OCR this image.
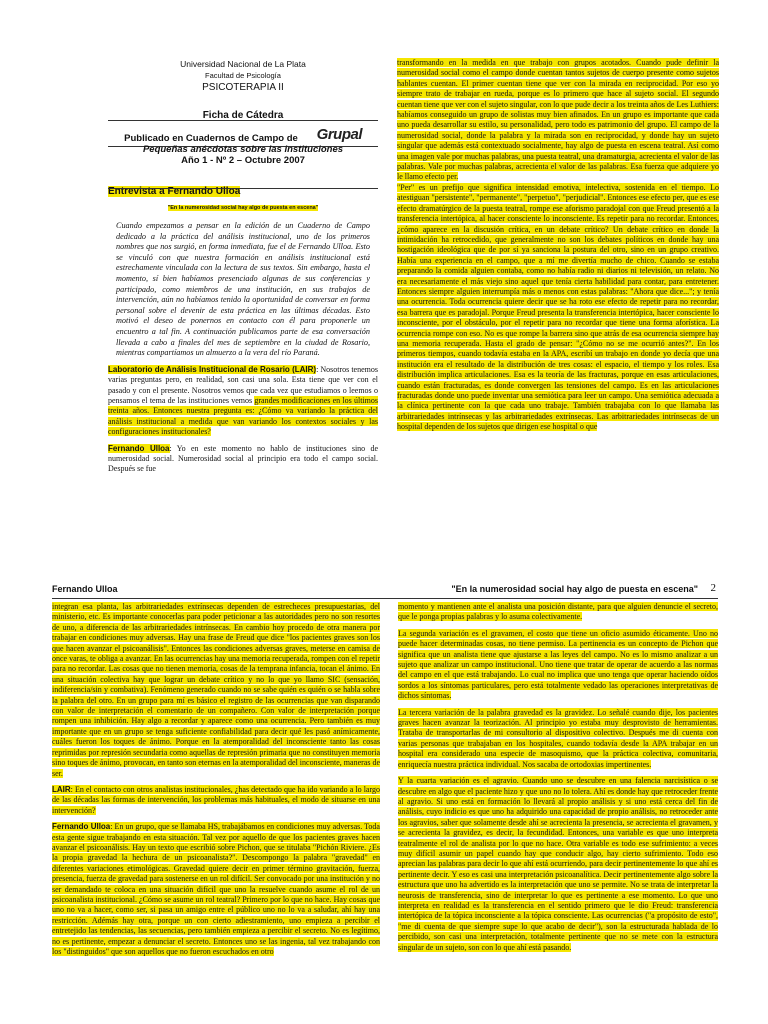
Universidad Nacional de La Plata
Facultad de Psicología
PSICOTERAPIA II
Ficha de Cátedra
Publicado en Cuadernos de Campo de
Pequeñas anécdotas sobre las instituciones
Año 1 - Nº 2 – Octubre 2007
Grupal
Entrevista a Fernando Ulloa
"En la numerosidad social hay algo de puesta en escena"
Cuando empezamos a pensar en la edición de un Cuaderno de Campo dedicado a la práctica del análisis institucional, uno de los primeros nombres que nos surgió, en forma inmediata, fue el de Fernando Ulloa. Esto se vinculó con que nuestra formación en análisis institucional está estrechamente vinculada con la lectura de sus textos. Sin embargo, hasta el momento, sí bien habíamos presenciado algunas de sus conferencias y participado, como miembros de una institución, en sus trabajos de intervención, aún no habíamos tenido la oportunidad de conversar en forma personal sobre el devenir de esta práctica en las últimas décadas. Esto motivó el deseo de ponernos en contacto con él para proponerle un encuentro a tal fin. A continuación publicamos parte de esa conversación llevada a cabo a finales del mes de septiembre en la ciudad de Rosario, mientras compartíamos un almuerzo a la vera del río Paraná.
Laboratorio de Análisis Institucional de Rosario (LAIR): Nosotros tenemos varias preguntas pero, en realidad, son casi una sola. Esta tiene que ver con el pasado y con el presente. Nosotros vemos que cada vez que estudiamos o leemos o pensamos el tema de las instituciones vemos grandes modificaciones en los últimos treinta años. Entonces nuestra pregunta es: ¿Cómo va variando la práctica del análisis institucional a medida que van variando los contextos sociales y las configuraciones institucionales?
Fernando Ulloa: Yo en este momento no hablo de instituciones sino de numerosidad social. Numerosidad social al principio era todo el campo social. Después se fue
transformando en la medida en que trabajo con grupos acotados. Cuando pude definir la numerosidad social como el campo donde cuentan tantos sujetos de cuerpo presente como sujetos hablantes cuentan. El primer cuentan tiene que ver con la mirada en reciprocidad. Por eso yo siempre trato de trabajar en rueda, porque es lo primero que hace al sujeto social. El segundo cuentan tiene que ver con el sujeto singular, con lo que pude decir a los treinta años de Les Luthiers: habíamos conseguido un grupo de solistas muy bien afinados. En un grupo es importante que cada uno pueda desarrollar su estilo, su personalidad, pero todo es patrimonio del grupo. El campo de la numerosidad social, donde la palabra y la mirada son en reciprocidad, y donde hay un sujeto singular que además está contextuado socialmente, hay algo de puesta en escena teatral. Así como una imagen vale por muchas palabras, una puesta teatral, una dramaturgia, acrecienta el valor de las palabras. Vale por muchas palabras, acrecienta el valor de las palabras. Esa fuerza que adquiere yo le llamo efecto per.
"Per" es un prefijo que significa intensidad emotiva, intelectiva, sostenida en el tiempo. Lo atestiguan "persistente", "permanente", "perpetuo", "perjudicial". Entonces ese efecto per, que es ese efecto dramatúrgico de la puesta teatral, rompe ese aforismo paradojal con que Freud presentó a la transferencia intertópica, al hacer consciente lo inconsciente. Es repetir para no recordar. Entonces, ¿cómo aparece en la discusión crítica, en un debate crítico? Un debate crítico en donde la intimidación ha retrocedido, que generalmente no son los debates políticos en donde hay una hostigación ideológica que de por sí ya sanciona la postura del otro, sino en un grupo creativo. Había una experiencia en el campo, que a mí me divertía mucho de chico. Cuando se estaba preparando la comida alguien contaba, como no había radio ni diarios ni televisión, un relato. No era necesariamente el más viejo sino aquel que tenía cierta habilidad para contar, para entretener. Entonces siempre alguien interrumpía más o menos con estas palabras: "Ahora que dice..."; y tenía una ocurrencia. Toda ocurrencia quiere decir que se ha roto ese efecto de repetir para no recordar, esa barrera que es paradojal. Porque Freud presenta la transferencia intertópica, hacer consciente lo inconsciente, por el obstáculo, por el repetir para no recordar que tiene una forma aforística. La ocurrencia rompe con eso. No es que rompe la barrera sino que atrás de esa ocurrencia siempre hay una memoria recuperada. Hasta el grado de pensar: "¿Cómo no se me ocurrió antes?". En los primeros tiempos, cuando todavía estaba en la APA, escribí un trabajo en donde yo decía que una institución era el resultado de la distribución de tres cosas: el espacio, el tiempo y los roles. Esa distribución implica articulaciones. Esa es la teoría de las fracturas, porque en esas articulaciones, cuando están fracturadas, es donde convergen las tensiones del campo. Es en las articulaciones fracturadas donde uno puede inventar una semiótica para leer un campo. Una semiótica adecuada a la clínica pertinente con la que cada uno trabaje. También trabajaba con lo que llamaba las arbitrariedades intrínsecas y las arbitrariedades extrínsecas. Las arbitrariedades intrínsecas de un hospital dependen de los sujetos que dirigen ese hospital o que
Fernando Ulloa	"En la numerosidad social hay algo de puesta en escena" 2
integran esa planta, las arbitrariedades extrínsecas dependen de estrecheces presupuestarias, del ministerio, etc. Es importante conocerlas para poder peticionar a las autoridades pero no son resortes de uno, a diferencia de las arbitrariedades intrínsecas. En cambio hoy procedo de otra manera por trabajar en condiciones muy adversas. Hay una frase de Freud que dice "los pacientes graves son los que hacen avanzar el psicoanálisis". Entonces las condiciones adversas graves, meterse en camisa de once varas, te obliga a avanzar. En las ocurrencias hay una memoria recuperada, rompen con el repetir para no recordar. Las cosas que no tienen memoria, cosas de la temprana infancia, tocan el ánimo. En una situación colectiva hay que lograr un debate crítico y no lo que yo llamo SIC (sensación, indiferencia/sin y combativa). Fenómeno generado cuando no se sabe quién es quién o se habla sobre la palabra del otro. En un grupo para mí es básico el registro de las ocurrencias que van disparando con valor de interpretación el comentario de un compañero. Con valor de interpretación porque rompen una inhibición. Hay algo a recordar y aparece como una ocurrencia. Pero también es muy importante que en un grupo se tenga suficiente confiabilidad para decir qué les pasó anímicamente, cuáles fueron los toques de ánimo. Porque en la atemporalidad del inconsciente tanto las cosas reprimidas por represión secundaria como aquellas de represión primaria que no constituyen memoria sino toques de ánimo, provocan, en tanto son eternas en la atemporalidad del inconsciente, maneras de ser.
LAIR: En el contacto con otros analistas institucionales, ¿has detectado que ha ido variando a lo largo de las décadas las formas de intervención, los problemas más habituales, el modo de situarse en una intervención?
Fernando Ulloa: En un grupo, que se llamaba HS, trabajábamos en condiciones muy adversas. Toda esta gente sigue trabajando en esta situación. Tal vez por aquello de que los pacientes graves hacen avanzar el psicoanálisis. Hay un texto que escribió sobre Pichon, que se titulaba "Pichón Riviere. ¿Es la propia gravedad la hechura de un psicoanalista?". Descompongo la palabra "gravedad" en diferentes variaciones etimológicas. Gravedad quiere decir en primer término gravitación, fuerza, presencia, fuerza de gravedad para sostenerse en un rol difícil. Ser convocado por una institución y no ser demandado te coloca en una situación difícil que uno la resuelve cuando asume el rol de un psicoanalista institucional. ¿Cómo se asume un rol teatral? Primero por lo que no hace. Hay cosas que uno no va a hacer, como ser, si pasa un amigo entre el público uno no lo va a saludar, ahí hay una restricción. Adémás hay otra, porque un con cierto adiestramiento, uno empieza a percibir el entretejido las tendencias, las secuencias, pero también empieza a percibir el secreto. No es legítimo, no es pertinente, empezar a denunciar el secreto. Entonces uno se las ingenia, tal vez trabajando con los "distinguidos" que son aquellos que no fueron escuchados en otro
momento y mantienen ante el analista una posición distante, para que alguien denuncie el secreto, que le ponga propias palabras y lo asuma colectivamente.
La segunda variación es el gravamen, el costo que tiene un oficio asumido éticamente. Uno no puede hacer determinadas cosas, no tiene permiso. La pertinencia es un concepto de Pichon que significa que un analista tiene que ajustarse a las leyes del campo. No es lo mismo analizar a un sujeto que analizar un campo institucional. Uno tiene que tratar de operar de acuerdo a las normas del campo en el que está trabajando. Lo cual no implica que uno tenga que operar haciendo oídos sordos a los síntomas particulares, pero está totalmente vedado las operaciones interpretativas de dichos síntomas.
La tercera variación de la palabra gravedad es la gravidez. Lo señalé cuando dije, los pacientes graves hacen avanzar la teorización. Al principio yo estaba muy desprovisto de herramientas. Trataba de transportarlas de mi consultorio al dispositivo colectivo. Después me di cuenta con varias personas que trabajaban en los hospitales, cuando todavía desde la APA trabajar en un hospital era considerado una especie de masoquismo, que la práctica colectiva, comunitaria, enriquecía nuestra práctica individual. Nos sacaba de ortodoxias impertinentes.
Y la cuarta variación es el agravio. Cuando uno se descubre en una falencia narcisística o se descubre en algo que el paciente hizo y que uno no lo tolera. Ahí es donde hay que retroceder frente al agravio. Si uno está en formación lo llevará al propio análisis y si uno está cerca del fin de análisis, cuyo indicio es que uno ha adquirido una capacidad de propio análisis, no retroceder ante los agravios, saber que solamente desde ahí se acrecienta la presencia, se acrecienta el gravamen, y se acrecienta la gravidez, es decir, la fecundidad. Entonces, una variable es que uno interpreta teatralmente el rol de analista por lo que no hace. Otra variable es todo ese sufrimiento: a veces muy difícil asumir un papel cuando hay que conducir algo, hay cierto sufrimiento. Todo eso aprecian las palabras para decir lo que ahí está ocurriendo, para decir pertinentemente lo que ahí es pertinente decir. Y eso es casi una interpretación psicoanalítica. Decir pertinentemente algo sobre la estructura que uno ha advertido es la interpretación que uno se permite. No se trata de interpretar la neurosis de transferencia, sino de interpretar lo que es pertinente a ese momento. Lo que uno interpreta en realidad es la transferencia en el sentido primero que le dio Freud: transferencia intertópica de la tópica inconsciente a la tópica consciente. Las ocurrencias ("a propósito de esto", "me di cuenta de que siempre supe lo que acabo de decir"), son la estructurada hablada de lo percibido, son casi una interpretación, totalmente pertinente que no se mete con la estructura singular de un sujeto, son con lo que ahí está pasando.
